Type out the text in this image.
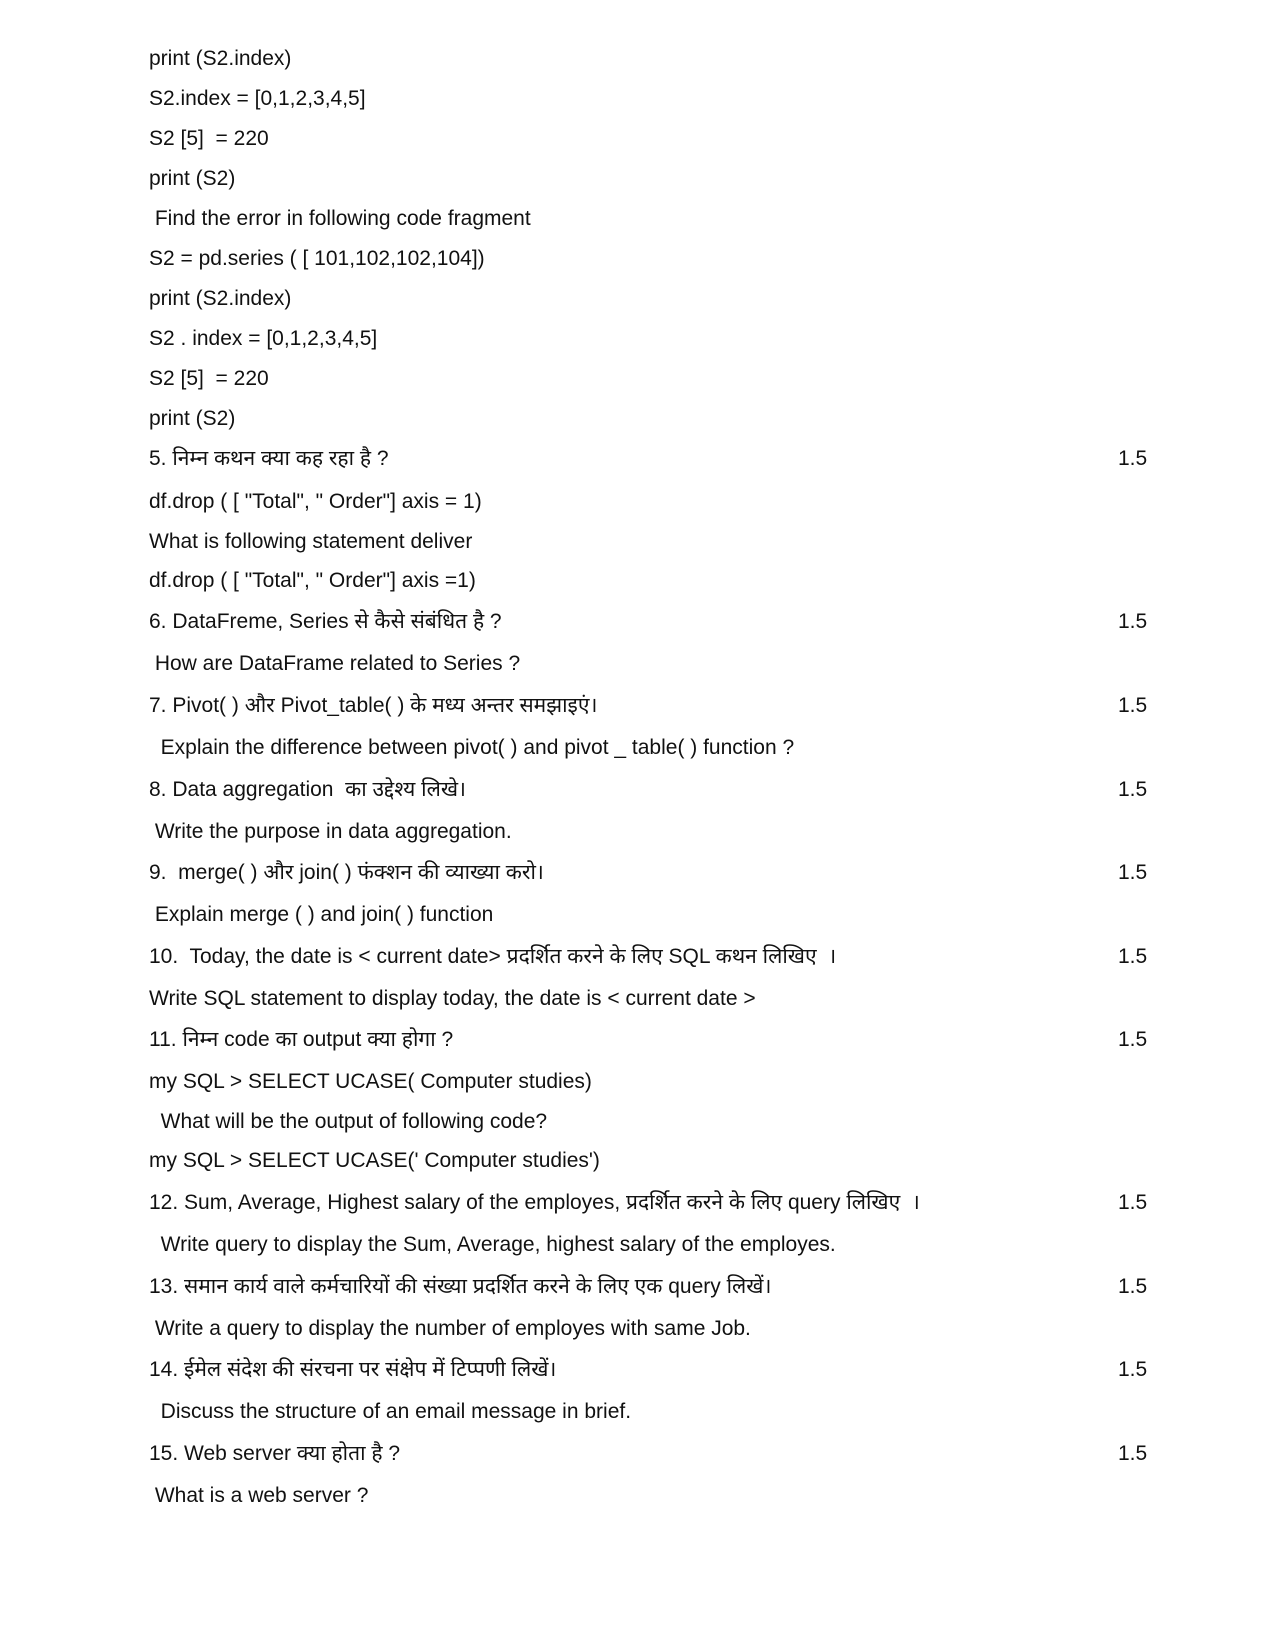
print (S2.index)
S2.index = [0,1,2,3,4,5]
S2 [5]  = 220
print (S2)
Find the error in following code fragment
S2 = pd.series ( [ 101,102,102,104])
print (S2.index)
S2 . index = [0,1,2,3,4,5]
S2 [5]  = 220
print (S2)
5. निम्न कथन क्या कह रहा है ?	1.5
df.drop ( [ "Total", " Order"] axis = 1)
What is following statement deliver
df.drop ( [ "Total", " Order"] axis =1)
6. DataFreme, Series से कैसे संबंधित है ?	1.5
How are DataFrame related to Series ?
7. Pivot( ) और Pivot_table( ) के मध्य अन्तर समझाइएं।	1.5
Explain the difference between pivot( ) and pivot _ table( ) function ?
8. Data aggregation  का उद्देश्य लिखे।	1.5
Write the purpose in data aggregation.
9.  merge( ) और join( ) फंक्शन की व्याख्या करो।	1.5
Explain merge ( ) and join( ) function
10.  Today, the date is < current date> प्रदर्शित करने के लिए SQL कथन लिखिए  ।	1.5
Write SQL statement to display today, the date is < current date >
11. निम्न code का output क्या होगा ?	1.5
my SQL > SELECT UCASE( Computer studies)
What will be the output of following code?
my SQL > SELECT UCASE(' Computer studies')
12. Sum, Average, Highest salary of the employes, प्रदर्शित करने के लिए query लिखिए  ।	1.5
Write query to display the Sum, Average, highest salary of the employes.
13. समान कार्य वाले कर्मचारियों की संख्या प्रदर्शित करने के लिए एक query लिखें।	1.5
Write a query to display the number of employes with same Job.
14. ईमेल संदेश की संरचना पर संक्षेप में टिप्पणी लिखें।	1.5
Discuss the structure of an email message in brief.
15. Web server क्या होता है ?	1.5
What is a web server ?
